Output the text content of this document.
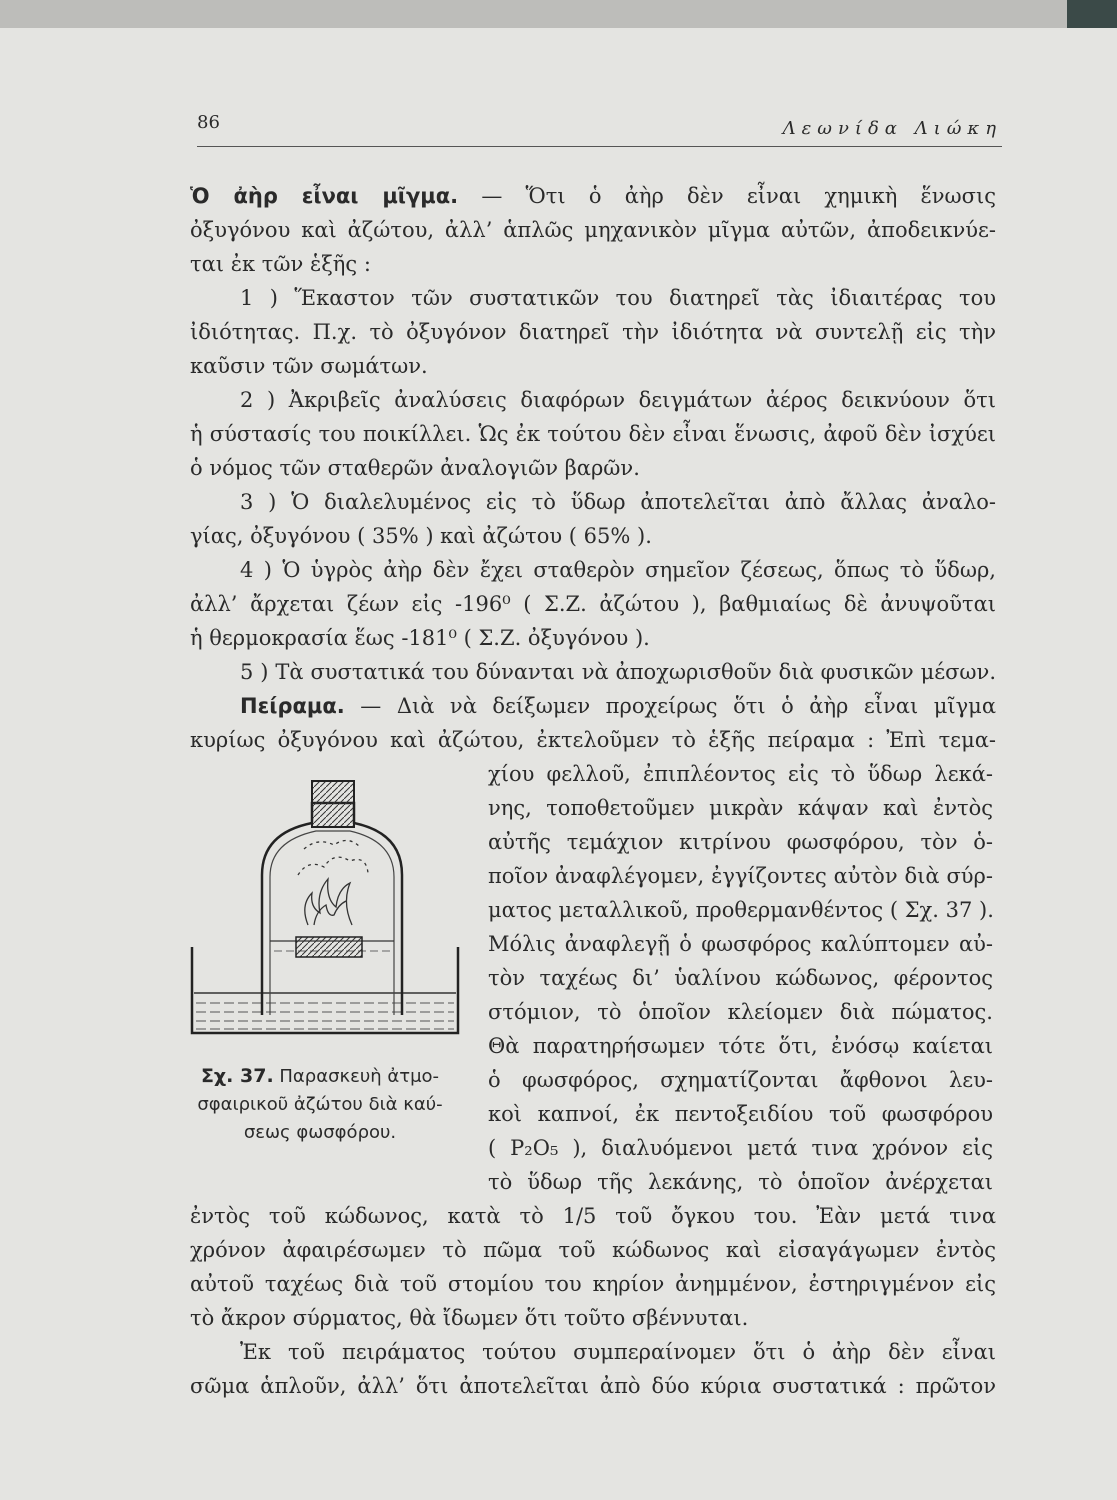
86	Λεωνίδα Λιώκη
Ὁ ἀὴρ εἶναι μῖγμα. — Ὅτι ὁ ἀὴρ δὲν εἶναι χημικὴ ἕνωσις
ὀξυγόνου καὶ ἀζώτου, ἀλλ’ ἁπλῶς μηχανικὸν μῖγμα αὐτῶν, ἀποδεικνύε-
ται ἐκ τῶν ἑξῆς :
1 ) Ἕκαστον τῶν συστατικῶν του διατηρεῖ τὰς ἰδιαιτέρας του
ἰδιότητας. Π.χ. τὸ ὀξυγόνον διατηρεῖ τὴν ἰδιότητα νὰ συντελῇ εἰς τὴν
καῦσιν τῶν σωμάτων.
2 ) Ἀκριβεῖς ἀναλύσεις διαφόρων δειγμάτων ἀέρος δεικνύουν ὅτι
ἡ σύστασίς του ποικίλλει. Ὡς ἐκ τούτου δὲν εἶναι ἕνωσις, ἀφοῦ δὲν ἰσχύει
ὁ νόμος τῶν σταθερῶν ἀναλογιῶν βαρῶν.
3 ) Ὁ διαλελυμένος εἰς τὸ ὕδωρ ἀποτελεῖται ἀπὸ ἄλλας ἀναλο-
γίας, ὀξυγόνου ( 35% ) καὶ ἀζώτου ( 65% ).
4 ) Ὁ ὑγρὸς ἀὴρ δὲν ἔχει σταθερὸν σημεῖον ζέσεως, ὅπως τὸ ὕδωρ,
ἀλλ’ ἄρχεται ζέων εἰς -196⁰ ( Σ.Ζ. ἀζώτου ), βαθμιαίως δὲ ἀνυψοῦται
ἡ θερμοκρασία ἕως -181⁰ ( Σ.Ζ. ὀξυγόνου ).
5 ) Τὰ συστατικά του δύνανται νὰ ἀποχωρισθοῦν διὰ φυσικῶν μέσων.
Πείραμα. — Διὰ νὰ δείξωμεν προχείρως ὅτι ὁ ἀὴρ εἶναι μῖγμα
κυρίως ὀξυγόνου καὶ ἀζώτου, ἐκτελοῦμεν τὸ ἑξῆς πείραμα : Ἐπὶ τεμα-
χίου φελλοῦ, ἐπιπλέοντος εἰς τὸ ὕδωρ λεκά-
νης, τοποθετοῦμεν μικρὰν κάψαν καὶ ἐντὸς
αὐτῆς τεμάχιον κιτρίνου φωσφόρου, τὸν ὁ-
ποῖον ἀναφλέγομεν, ἐγγίζοντες αὐτὸν διὰ σύρ-
ματος μεταλλικοῦ, προθερμανθέντος ( Σχ. 37 ).
Μόλις ἀναφλεγῇ ὁ φωσφόρος καλύπτομεν αὐ-
τὸν ταχέως δι’ ὑαλίνου κώδωνος, φέροντος
στόμιον, τὸ ὁποῖον κλείομεν διὰ πώματος.
Θὰ παρατηρήσωμεν τότε ὅτι, ἐνόσῳ καίεται
ὁ φωσφόρος, σχηματίζονται ἄφθονοι λευ-
κοὶ καπνοί, ἐκ πεντοξειδίου τοῦ φωσφόρου
( P₂O₅ ), διαλυόμενοι μετά τινα χρόνον εἰς
τὸ ὕδωρ τῆς λεκάνης, τὸ ὁποῖον ἀνέρχεται
ἐντὸς τοῦ κώδωνος, κατὰ τὸ 1/5 τοῦ ὄγκου του. Ἐὰν μετά τινα
χρόνον ἀφαιρέσωμεν τὸ πῶμα τοῦ κώδωνος καὶ εἰσαγάγωμεν ἐντὸς
αὐτοῦ ταχέως διὰ τοῦ στομίου του κηρίον ἀνημμένον, ἐστηριγμένον εἰς
τὸ ἄκρον σύρματος, θὰ ἴδωμεν ὅτι τοῦτο σβέννυται.
Ἐκ τοῦ πειράματος τούτου συμπεραίνομεν ὅτι ὁ ἀὴρ δὲν εἶναι
σῶμα ἁπλοῦν, ἀλλ’ ὅτι ἀποτελεῖται ἀπὸ δύο κύρια συστατικά : πρῶτον
Σχ. 37. Παρασκευὴ ἀτμο-
σφαιρικοῦ ἀζώτου διὰ καύ-
σεως φωσφόρου.
